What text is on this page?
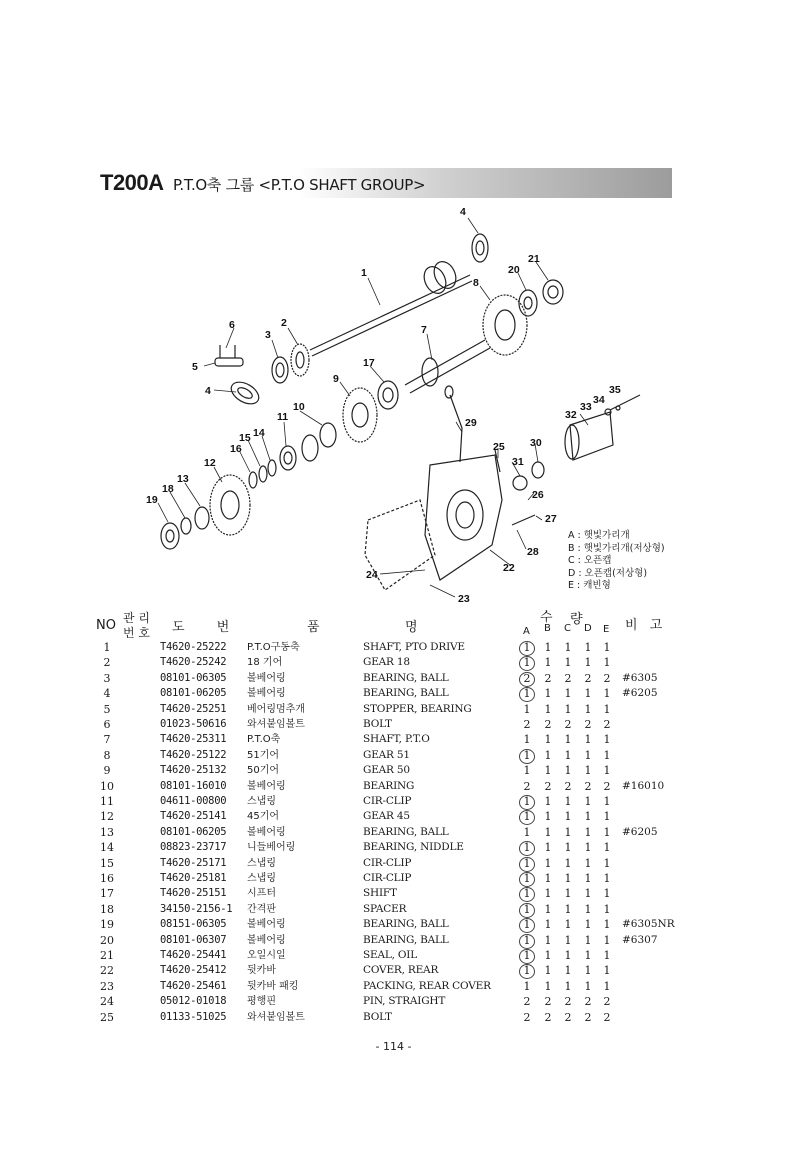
T200A P.T.O축 그룹 <P.T.O SHAFT GROUP>
4
1
2
3
6
5
4
7
8
20
21
17
9
10
11
14
15
16
12
13
18
19
29
25 30
31
26
27
28
22
23
24
32
33
34
35
A : 햇빛가리개
B : 햇빛가리개(저상형)
C : 오픈캡
D : 오픈캡(저상형)
E : 캐빈형
NO 관 리
번 호 도 번	품	명
수 량
A B C D E 비 고
1	T4620-25222 P.T.O구동축	SHAFT, PTO DRIVE	1 1 1 1 1
2	T4620-25242 18 기어	GEAR 18	1 1 1 1 1
3	08101-06305 볼베어링	BEARING, BALL	2 2 2 2 2 #6305
4	08101-06205 볼베어링	BEARING, BALL	1 1 1 1 1 #6205
5	T4620-25251 베어링멈추개	STOPPER, BEARING	1 1 1 1 1
6	01023-50616 와셔붙임볼트	BOLT	2 2 2 2 2
7	T4620-25311 P.T.O축	SHAFT, P.T.O	1 1 1 1 1
8	T4620-25122 51기어	GEAR 51	1 1 1 1 1
9	T4620-25132 50기어	GEAR 50	1 1 1 1 1
10	08101-16010 볼베어링	BEARING	2 2 2 2 2 #16010
11	04611-00800 스냅링	CIR-CLIP	1 1 1 1 1
12	T4620-25141 45기어	GEAR 45	1 1 1 1 1
13	08101-06205 볼베어링	BEARING, BALL	1 1 1 1 1 #6205
14	08823-23717 니들베어링	BEARING, NIDDLE	1 1 1 1 1
15	T4620-25171 스냅링	CIR-CLIP	1 1 1 1 1
16	T4620-25181 스냅링	CIR-CLIP	1 1 1 1 1
17	T4620-25151 시프터	SHIFT	1 1 1 1 1
18	34150-2156-1 간격판	SPACER	1 1 1 1 1
19	08151-06305 볼베어링	BEARING, BALL	1 1 1 1 1 #6305NR
20	08101-06307 볼베어링	BEARING, BALL	1 1 1 1 1 #6307
21	T4620-25441 오일시일	SEAL, OIL	1 1 1 1 1
22	T4620-25412 뒷카바	COVER, REAR	1 1 1 1 1
23	T4620-25461 뒷카바 패킹	PACKING, REAR COVER	1 1 1 1 1
24	05012-01018 평행핀	PIN, STRAIGHT	2 2 2 2 2
25	01133-51025 와셔붙임볼트	BOLT	2 2 2 2 2
- 114 -
